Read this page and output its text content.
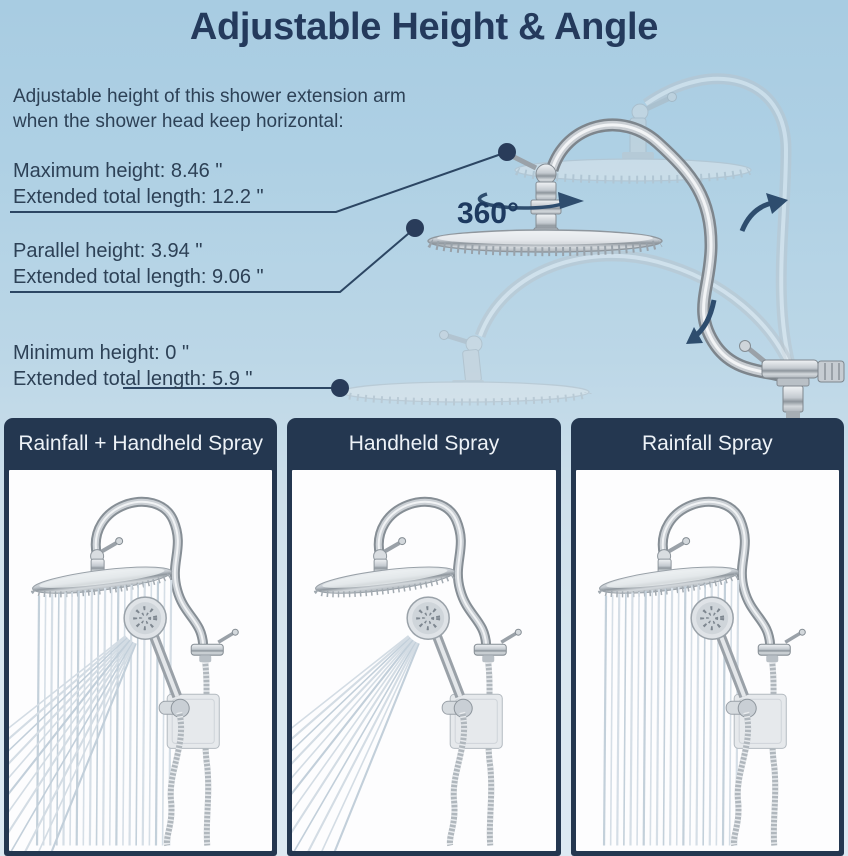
360°
Adjustable Height & Angle
Adjustable height of this shower extension arm
when the shower head keep horizontal:
Maximum height: 8.46 "
Extended total length: 12.2 "
Parallel height: 3.94 "
Extended total length: 9.06 "
Minimum height: 0 "
Extended total length: 5.9 "
Rainfall + Handheld Spray	Handheld Spray	Rainfall Spray
